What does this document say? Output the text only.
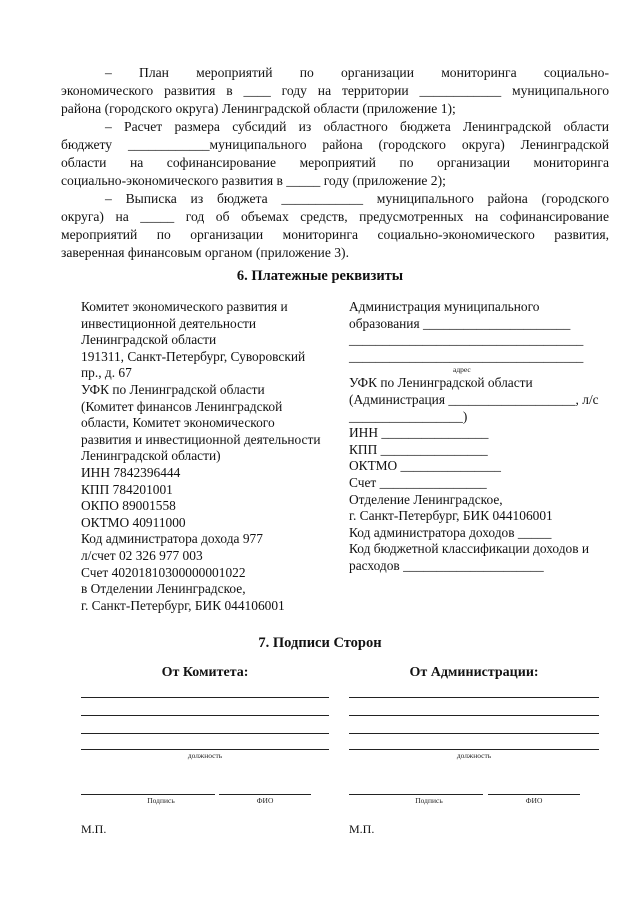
– План мероприятий по организации мониторинга социально-
экономического развития в ____ году на территории ____________ муниципального
района (городского округа) Ленинградской области (приложение 1);
– Расчет размера субсидий из областного бюджета Ленинградской области
бюджету ____________муниципального района (городского округа) Ленинградской
области на софинансирование мероприятий по организации мониторинга
социально-экономического развития в _____ году (приложение 2);
– Выписка из бюджета ____________ муниципального района (городского
округа) на _____ год об объемах средств, предусмотренных на софинансирование
мероприятий по организации мониторинга социально-экономического развития,
заверенная финансовым органом (приложение 3).
6. Платежные реквизиты
Комитет экономического развития и
инвестиционной деятельности
Ленинградской области
191311, Санкт-Петербург, Суворовский
пр., д. 67
УФК по Ленинградской области
(Комитет финансов Ленинградской
области, Комитет экономического
развития и инвестиционной деятельности
Ленинградской области)
ИНН 7842396444
КПП 784201001
ОКПО 89001558
ОКТМО 40911000
Код администратора дохода 977
л/счет 02 326 977 003
Счет 40201810300000001022
в Отделении Ленинградское,
г. Санкт-Петербург, БИК 044106001
Администрация муниципального
образования ______________________
___________________________________
___________________________________
адрес
УФК по Ленинградской области
(Администрация ___________________, л/с
_________________)
ИНН ________________
КПП ________________
ОКТМО _______________
Счет ________________
Отделение Ленинградское,
г. Санкт-Петербург, БИК 044106001
Код администратора доходов _____
Код бюджетной классификации доходов и
расходов _____________________
7. Подписи Сторон
От Комитета:	От Администрации:
должность
Подпись	ФИО
М.П.
должность
Подпись	ФИО
М.П.
